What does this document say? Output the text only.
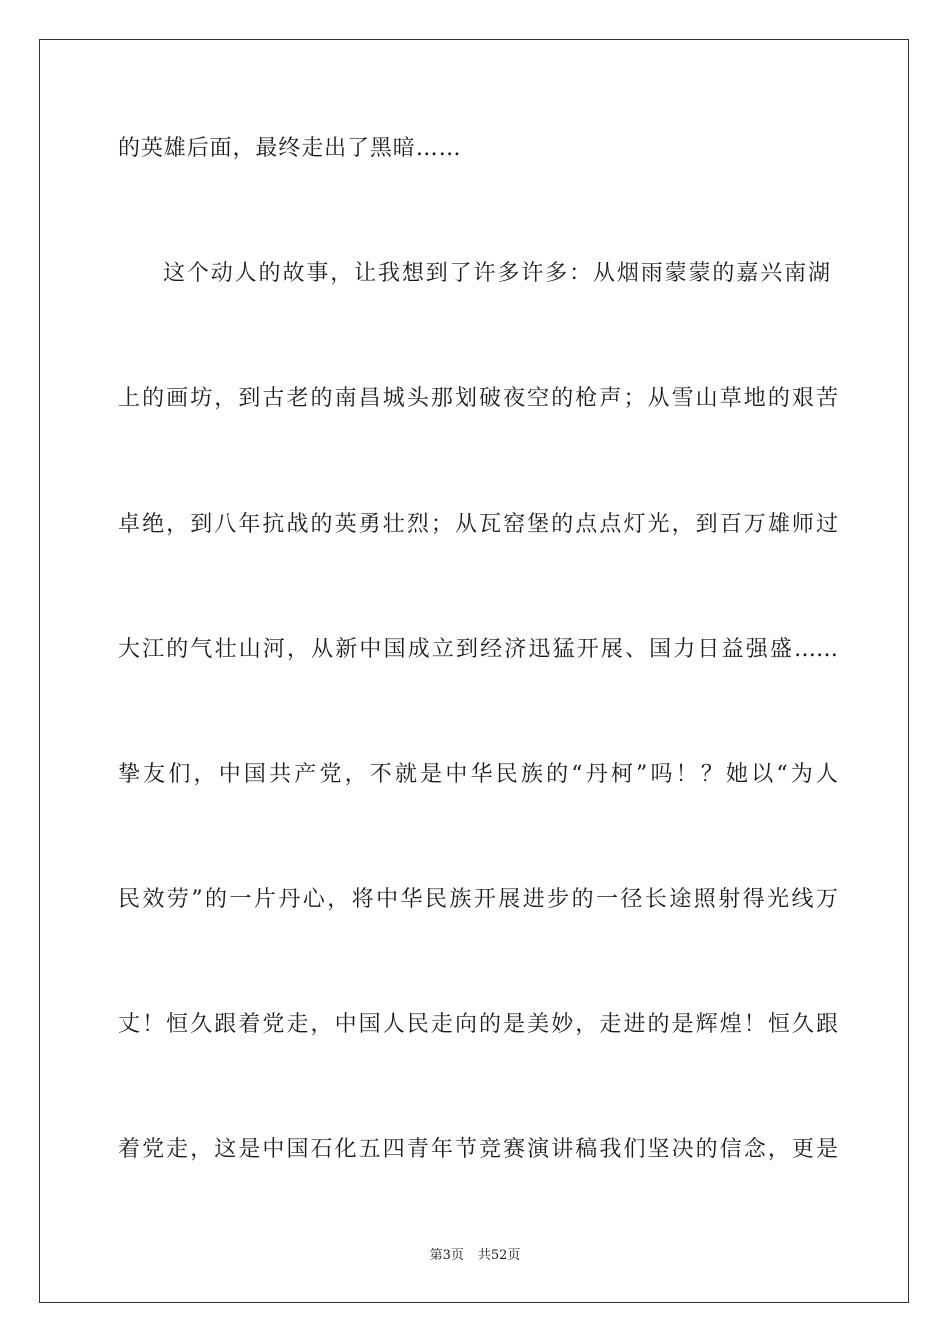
的英雄后面，最终走出了黑暗……

这个动人的故事，让我想到了许多许多：从烟雨蒙蒙的嘉兴南湖

上的画坊，到古老的南昌城头那划破夜空的枪声；从雪山草地的艰苦

卓绝，到八年抗战的英勇壮烈；从瓦窑堡的点点灯光，到百万雄师过

大江的气壮山河，从新中国成立到经济迅猛开展、国力日益强盛……

挚友们，中国共产党，不就是中华民族的“丹柯”吗！？她以“为人

民效劳”的一片丹心，将中华民族开展进步的一径长途照射得光线万

丈！恒久跟着党走，中国人民走向的是美妙，走进的是辉煌！恒久跟

着党走，这是中国石化五四青年节竞赛演讲稿我们坚决的信念，更是

第3页 共52页
